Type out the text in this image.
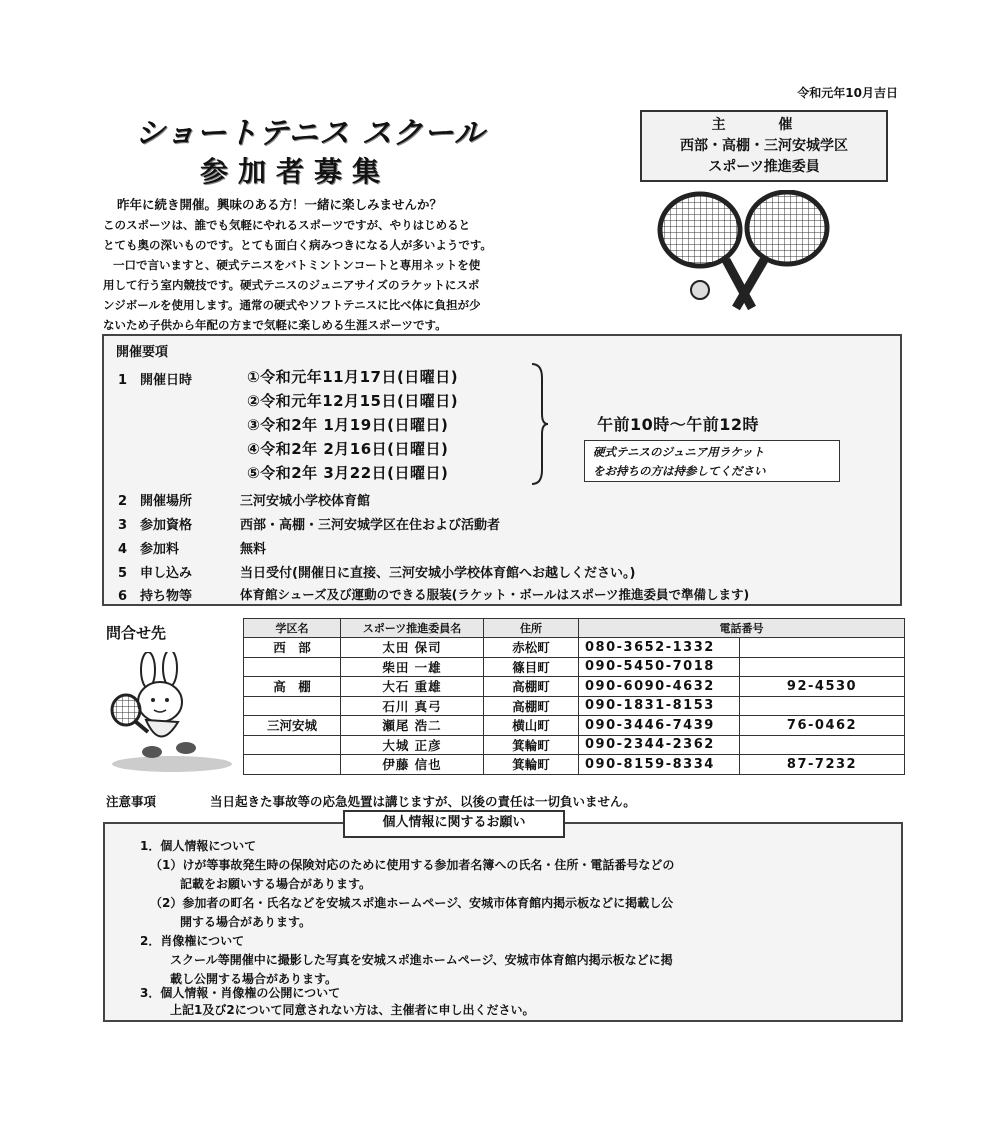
令和元年10月吉日
ショートテニス スクール
参加者募集
主 催
西部・高棚・三河安城学区
スポーツ推進委員

昨年に続き開催。興味のある方！一緒に楽しみませんか？

このスポーツは、誰でも気軽にやれるスポーツですが、やりはじめると

とても奥の深いものです。とても面白く病みつきになる人が多いようです。

一口で言いますと、硬式テニスをバトミントンコートと専用ネットを使

用して行う室内競技です。硬式テニスのジュニアサイズのラケットにスポ

ンジボールを使用します。通常の硬式やソフトテニスに比べ体に負担が少

ないため子供から年配の方まで気軽に楽しめる生涯スポーツです。

開催要項
1　開催日時	①令和元年11月17日(日曜日)
②令和元年12月15日(日曜日)
③令和2年 1月19日(日曜日)
④令和2年 2月16日(日曜日)
⑤令和2年 3月22日(日曜日)
午前10時～午前12時
硬式テニスのジュニア用ラケット
をお持ちの方は持参してください
2　開催場所	三河安城小学校体育館
3　参加資格	西部・高棚・三河安城学区在住および活動者
4　参加料	無料
5　申し込み	当日受付(開催日に直接、三河安城小学校体育館へお越しください。)
6　持ち物等	体育館シューズ及び運動のできる服装(ラケット・ボールはスポーツ推進委員で準備します)
問合せ先	学区名	スポーツ推進委員名	住所	電話番号	
西　部	太田 保司	赤松町	080-3652-1332	
	柴田 一雄	篠目町	090-5450-7018	
高　棚	大石 重雄	高棚町	090-6090-4632	92-4530
	石川 真弓	高棚町	090-1831-8153	
三河安城	瀬尾 浩二	横山町	090-3446-7439	76-0462
	大城 正彦	箕輪町	090-2344-2362	
	伊藤 信也	箕輪町	090-8159-8334	87-7232
注意事項	当日起きた事故等の応急処置は講じますが、以後の責任は一切負いません。
個人情報に関するお願い
1．個人情報について
（1）けが等事故発生時の保険対応のために使用する参加者名簿への氏名・住所・電話番号などの
記載をお願いする場合があります。
（2）参加者の町名・氏名などを安城スポ進ホームページ、安城市体育館内掲示板などに掲載し公
開する場合があります。
2．肖像権について
スクール等開催中に撮影した写真を安城スポ進ホームページ、安城市体育館内掲示板などに掲
載し公開する場合があります。
3．個人情報・肖像権の公開について
上記1及び2について同意されない方は、主催者に申し出ください。
